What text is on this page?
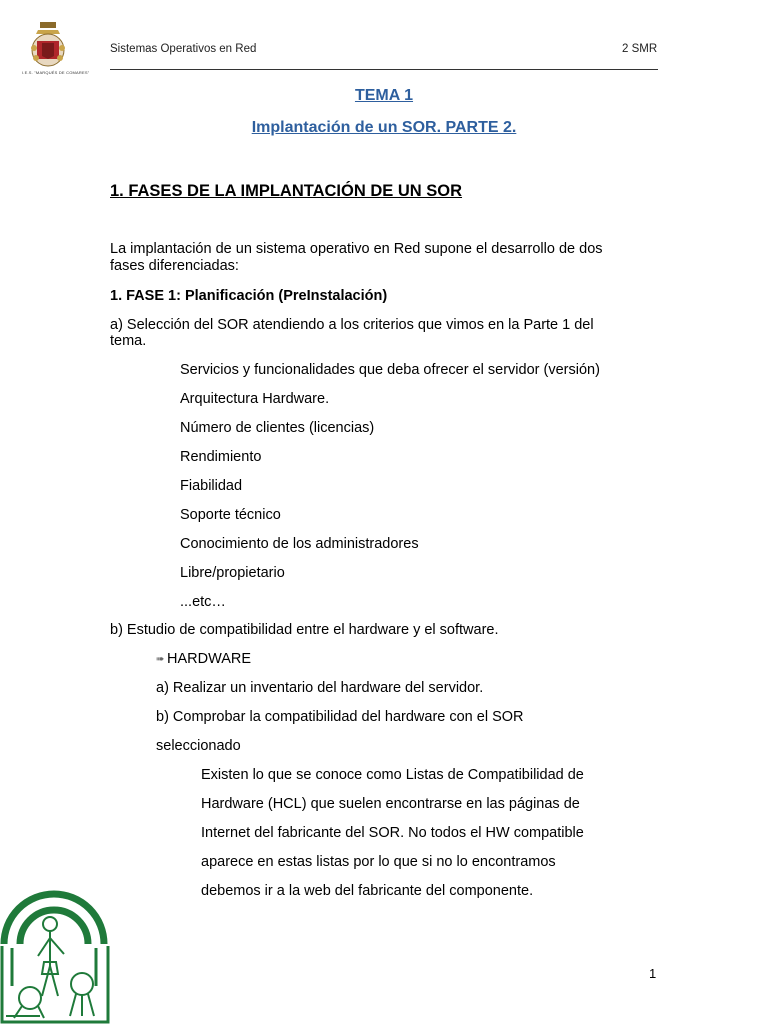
I.E.S. "MARQUÉS DE COMARES"
Sistemas Operativos en Red	2 SMR
TEMA 1
Implantación de un SOR. PARTE 2.
1. FASES DE LA IMPLANTACIÓN DE UN SOR
La implantación de un sistema operativo en Red supone el desarrollo de dos
fases diferenciadas:
1. FASE 1: Planificación (PreInstalación)
a) Selección del SOR atendiendo a los criterios que vimos en la Parte 1 del
tema.
Servicios y funcionalidades que deba ofrecer el servidor (versión)
Arquitectura Hardware.
Número de clientes (licencias)
Rendimiento
Fiabilidad
Soporte técnico
Conocimiento de los administradores
Libre/propietario
...etc…
b) Estudio de compatibilidad entre el hardware y el software.
➠ HARDWARE
a) Realizar un inventario del hardware del servidor.
b) Comprobar la compatibilidad del hardware con el SOR
seleccionado
Existen lo que se conoce como Listas de Compatibilidad de
Hardware (HCL) que suelen encontrarse en las páginas de
Internet del fabricante del SOR. No todos el HW compatible
aparece en estas listas por lo que si no lo encontramos
debemos ir a la web del fabricante del componente.
1
